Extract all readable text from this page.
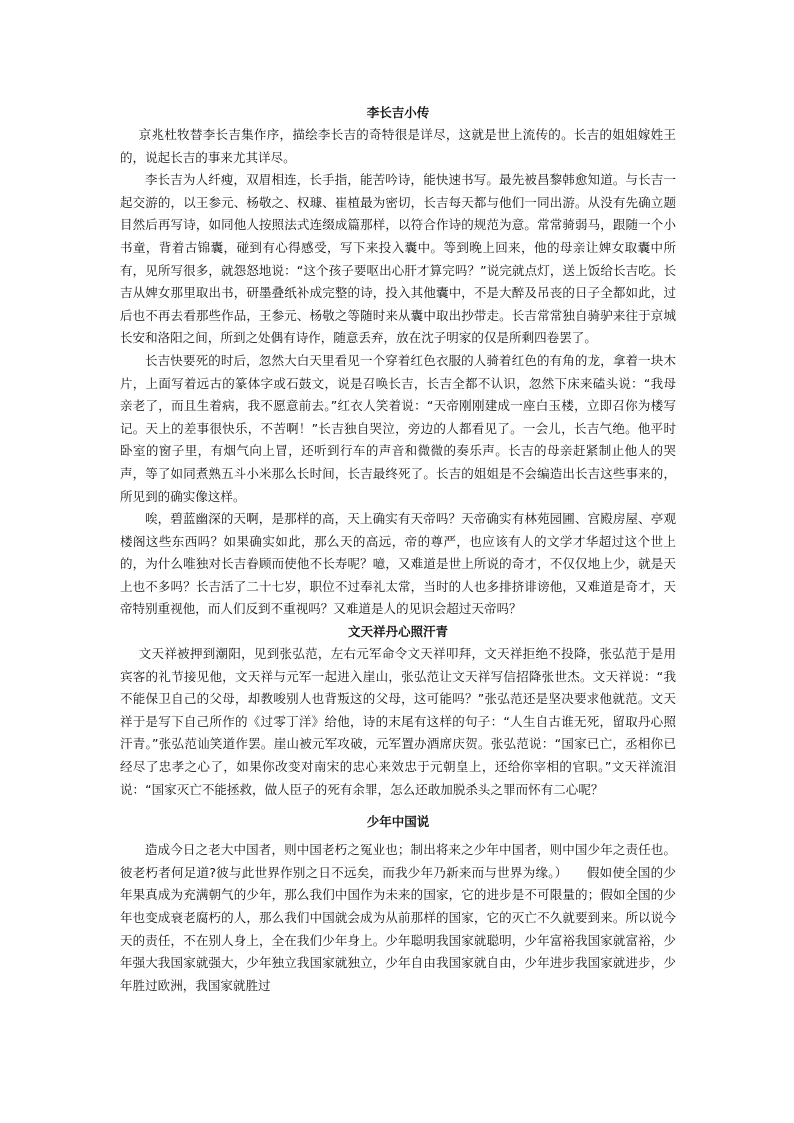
李长吉小传

京兆杜牧替李长吉集作序，描绘李长吉的奇特很是详尽，这就是世上流传的。长吉的姐姐嫁姓王的，说起长吉的事来尤其详尽。

李长吉为人纤瘦，双眉相连，长手指，能苦吟诗，能快速书写。最先被昌黎韩愈知道。与长吉一起交游的，以王参元、杨敬之、权璩、崔植最为密切，长吉每天都与他们一同出游。从没有先确立题目然后再写诗，如同他人按照法式连缀成篇那样，以符合作诗的规范为意。常常骑弱马，跟随一个小书童，背着古锦囊，碰到有心得感受，写下来投入囊中。等到晚上回来，他的母亲让婢女取囊中所有，见所写很多，就怨怒地说：“这个孩子要呕出心肝才算完吗？”说完就点灯，送上饭给长吉吃。长吉从婢女那里取出书，研墨叠纸补成完整的诗，投入其他囊中，不是大醉及吊丧的日子全都如此，过后也不再去看那些作品，王参元、杨敬之等随时来从囊中取出抄带走。长吉常常独自骑驴来往于京城长安和洛阳之间，所到之处偶有诗作，随意丢弃，放在沈子明家的仅是所剩四卷罢了。

长吉快要死的时后，忽然大白天里看见一个穿着红色衣服的人骑着红色的有角的龙，拿着一块木片，上面写着远古的篆体字或石鼓文，说是召唤长吉，长吉全都不认识，忽然下床来磕头说：“我母亲老了，而且生着病，我不愿意前去。”红衣人笑着说：“天帝刚刚建成一座白玉楼，立即召你为楼写记。天上的差事很快乐，不苦啊！”长吉独自哭泣，旁边的人都看见了。一会儿，长吉气绝。他平时卧室的窗子里，有烟气向上冒，还听到行车的声音和微微的奏乐声。长吉的母亲赶紧制止他人的哭声，等了如同煮熟五斗小米那么长时间，长吉最终死了。长吉的姐姐是不会编造出长吉这些事来的，所见到的确实像这样。

唉，碧蓝幽深的天啊，是那样的高，天上确实有天帝吗？天帝确实有林苑园圃、宫殿房屋、亭观楼阁这些东西吗？如果确实如此，那么天的高远，帝的尊严，也应该有人的文学才华超过这个世上的，为什么唯独对长吉眷顾而使他不长寿呢？噫，又难道是世上所说的奇才，不仅仅地上少，就是天上也不多吗？长吉活了二十七岁，职位不过奉礼太常，当时的人也多排挤诽谤他，又难道是奇才，天帝特别重视他，而人们反到不重视吗？又难道是人的见识会超过天帝吗？

文天祥丹心照汗青

文天祥被押到潮阳，见到张弘范，左右元军命令文天祥叩拜，文天祥拒绝不投降，张弘范于是用宾客的礼节接见他，文天祥与元军一起进入崖山，张弘范让文天祥写信招降张世杰。文天祥说：“我不能保卫自己的父母，却教唆别人也背叛这的父母，这可能吗？”张弘范还是坚决要求他就范。文天祥于是写下自己所作的《过零丁洋》给他，诗的末尾有这样的句子：“人生自古谁无死，留取丹心照汗青。”张弘范讪笑道作罢。崖山被元军攻破，元军置办酒席庆贺。张弘范说：“国家已亡，丞相你已经尽了忠孝之心了，如果你改变对南宋的忠心来效忠于元朝皇上，还给你宰相的官职。”文天祥流泪说：“国家灭亡不能拯救，做人臣子的死有余罪，怎么还敢加脱杀头之罪而怀有二心呢？

少年中国说

造成今日之老大中国者，则中国老朽之冤业也；制出将来之少年中国者，则中国少年之责任也。彼老朽者何足道?彼与此世界作别之日不远矣，而我少年乃新来而与世界为缘。）　　假如使全国的少年果真成为充满朝气的少年，那么我们中国作为未来的国家，它的进步是不可限量的；假如全国的少年也变成衰老腐朽的人，那么我们中国就会成为从前那样的国家，它的灭亡不久就要到来。所以说今天的责任，不在别人身上，全在我们少年身上。少年聪明我国家就聪明，少年富裕我国家就富裕，少年强大我国家就强大，少年独立我国家就独立，少年自由我国家就自由，少年进步我国家就进步，少年胜过欧洲，我国家就胜过
